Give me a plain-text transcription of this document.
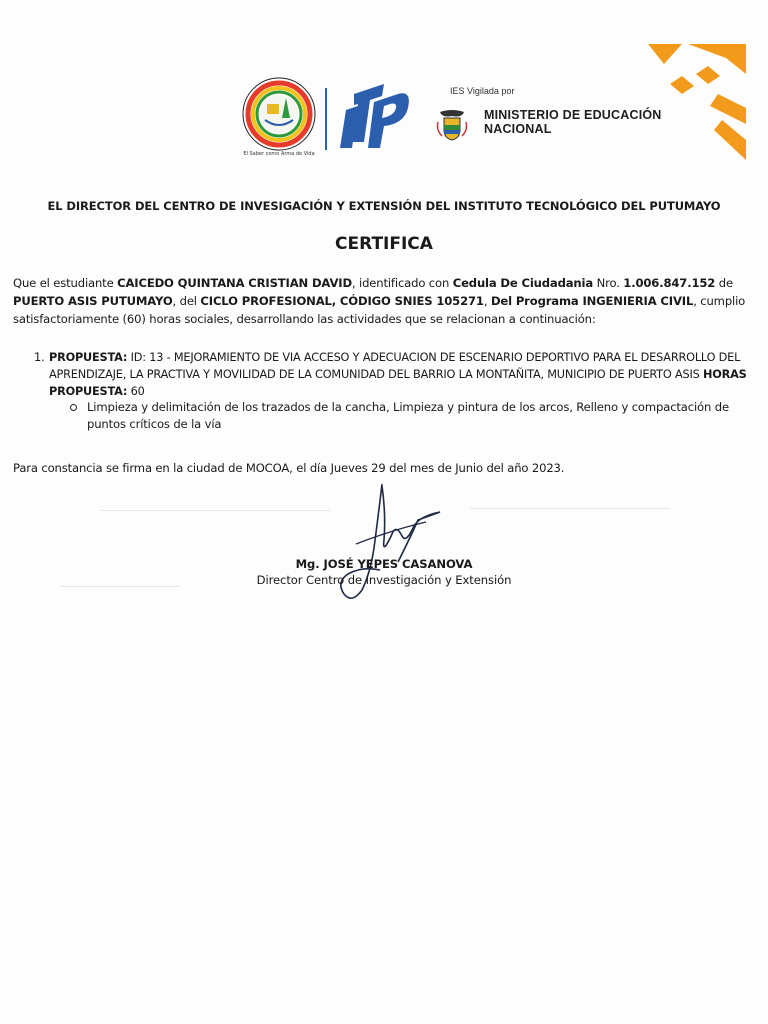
El Saber como Arma de Vida
IES Vigilada por
MINISTERIO DE EDUCACIÓN
NACIONAL
EL DIRECTOR DEL CENTRO DE INVESIGACIÓN Y EXTENSIÓN DEL INSTITUTO TECNOLÓGICO DEL PUTUMAYO
CERTIFICA
Que el estudiante CAICEDO QUINTANA CRISTIAN DAVID, identificado con Cedula De Ciudadania Nro. 1.006.847.152 de PUERTO ASIS PUTUMAYO, del CICLO PROFESIONAL, CÓDIGO SNIES 105271, Del Programa INGENIERIA CIVIL, cumplio satisfactoriamente (60) horas sociales, desarrollando las actividades que se relacionan a continuación:
1. PROPUESTA: ID: 13 - MEJORAMIENTO DE VIA ACCESO Y ADECUACION DE ESCENARIO DEPORTIVO PARA EL DESARROLLO DEL APRENDIZAJE, LA PRACTIVA Y MOVILIDAD DE LA COMUNIDAD DEL BARRIO LA MONTAÑITA, MUNICIPIO DE PUERTO ASIS HORAS PROPUESTA: 60
Limpieza y delimitación de los trazados de la cancha, Limpieza y pintura de los arcos, Relleno y compactación de puntos críticos de la vía
Para constancia se firma en la ciudad de MOCOA, el día Jueves 29 del mes de Junio del año 2023.
Mg. JOSÉ YEPES CASANOVA
Director Centro de Investigación y Extensión
